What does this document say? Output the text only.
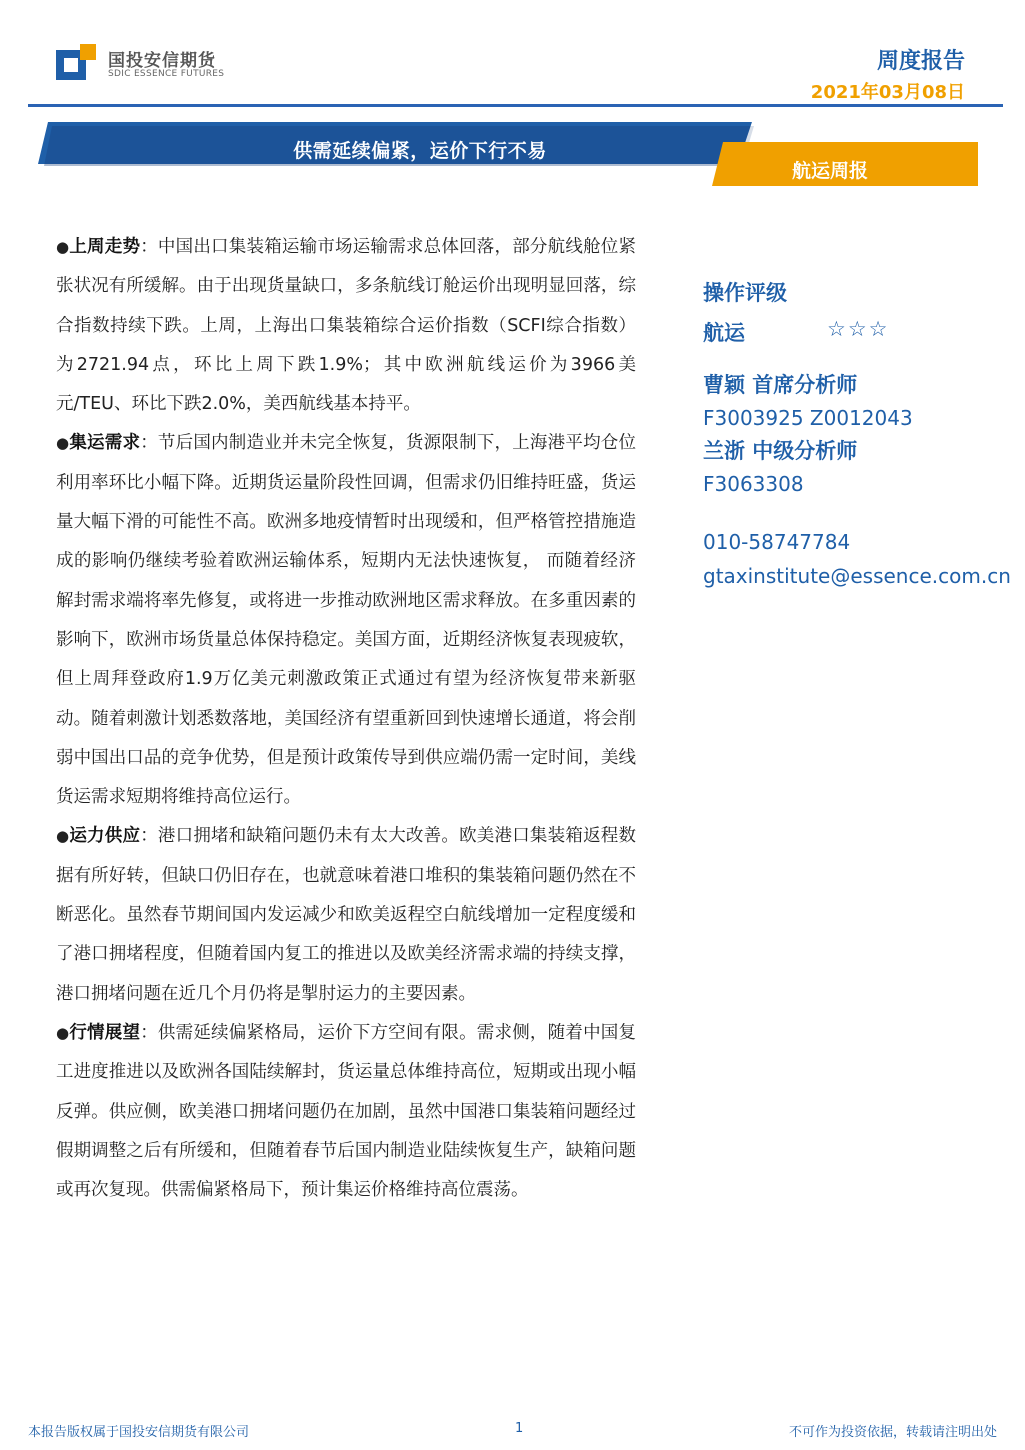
国投安信期货
SDIC ESSENCE FUTURES	周度报告
2021年03月08日
供需延续偏紧，运价下行不易
航运周报

●上周走势：中国出口集装箱运输市场运输需求总体回落，部分航线舱位紧张状况有所缓解。由于出现货量缺口，多条航线订舱运价出现明显回落，综合指数持续下跌。上周，上海出口集装箱综合运价指数（SCFI综合指数）为2721.94点，环比上周下跌1.9%；其中欧洲航线运价为3966美元/TEU、环比下跌2.0%，美西航线基本持平。

●集运需求：节后国内制造业并未完全恢复，货源限制下，上海港平均仓位利用率环比小幅下降。近期货运量阶段性回调，但需求仍旧维持旺盛，货运量大幅下滑的可能性不高。欧洲多地疫情暂时出现缓和，但严格管控措施造成的影响仍继续考验着欧洲运输体系，短期内无法快速恢复， 而随着经济解封需求端将率先修复，或将进一步推动欧洲地区需求释放。在多重因素的影响下，欧洲市场货量总体保持稳定。美国方面，近期经济恢复表现疲软，但上周拜登政府1.9万亿美元刺激政策正式通过有望为经济恢复带来新驱动。随着刺激计划悉数落地，美国经济有望重新回到快速增长通道，将会削弱中国出口品的竞争优势，但是预计政策传导到供应端仍需一定时间，美线货运需求短期将维持高位运行。

●运力供应：港口拥堵和缺箱问题仍未有太大改善。欧美港口集装箱返程数据有所好转，但缺口仍旧存在，也就意味着港口堆积的集装箱问题仍然在不断恶化。虽然春节期间国内发运减少和欧美返程空白航线增加一定程度缓和了港口拥堵程度，但随着国内复工的推进以及欧美经济需求端的持续支撑，港口拥堵问题在近几个月仍将是掣肘运力的主要因素。

●行情展望：供需延续偏紧格局，运价下方空间有限。需求侧，随着中国复工进度推进以及欧洲各国陆续解封，货运量总体维持高位，短期或出现小幅反弹。供应侧，欧美港口拥堵问题仍在加剧，虽然中国港口集装箱问题经过假期调整之后有所缓和，但随着春节后国内制造业陆续恢复生产，缺箱问题或再次复现。供需偏紧格局下，预计集运价格维持高位震荡。

操作评级
航运	☆☆☆
曹颖 首席分析师
F3003925 Z0012043
兰浙 中级分析师
F3063308
010-58747784
gtaxinstitute@essence.com.cn
本报告版权属于国投安信期货有限公司	1	不可作为投资依据，转载请注明出处
